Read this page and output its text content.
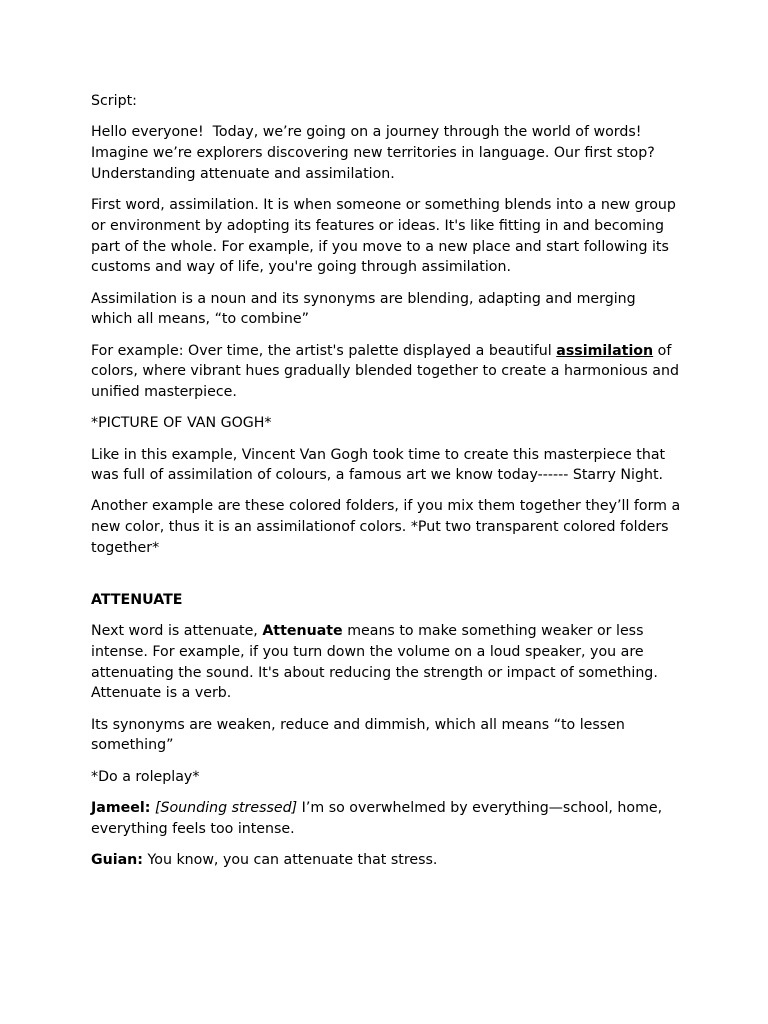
Script:

Hello everyone!  Today, we’re going on a journey through the world of words! Imagine we’re explorers discovering new territories in language. Our first stop? Understanding attenuate and assimilation.

First word, assimilation. It is when someone or something blends into a new group or environment by adopting its features or ideas. It's like fitting in and becoming part of the whole. For example, if you move to a new place and start following its customs and way of life, you're going through assimilation.

Assimilation is a noun and its synonyms are blending, adapting and merging which all means, “to combine”

For example: Over time, the artist's palette displayed a beautiful assimilation of colors, where vibrant hues gradually blended together to create a harmonious and unified masterpiece.

*PICTURE OF VAN GOGH*

Like in this example, Vincent Van Gogh took time to create this masterpiece that was full of assimilation of colours, a famous art we know today------ Starry Night.

Another example are these colored folders, if you mix them together they’ll form a new color, thus it is an assimilationof colors. *Put two transparent colored folders together*

ATTENUATE

Next word is attenuate, Attenuate means to make something weaker or less intense. For example, if you turn down the volume on a loud speaker, you are attenuating the sound. It's about reducing the strength or impact of something. Attenuate is a verb.

Its synonyms are weaken, reduce and dimmish, which all means “to lessen something”

*Do a roleplay*

Jameel: [Sounding stressed] I’m so overwhelmed by everything—school, home, everything feels too intense.

Guian: You know, you can attenuate that stress.
